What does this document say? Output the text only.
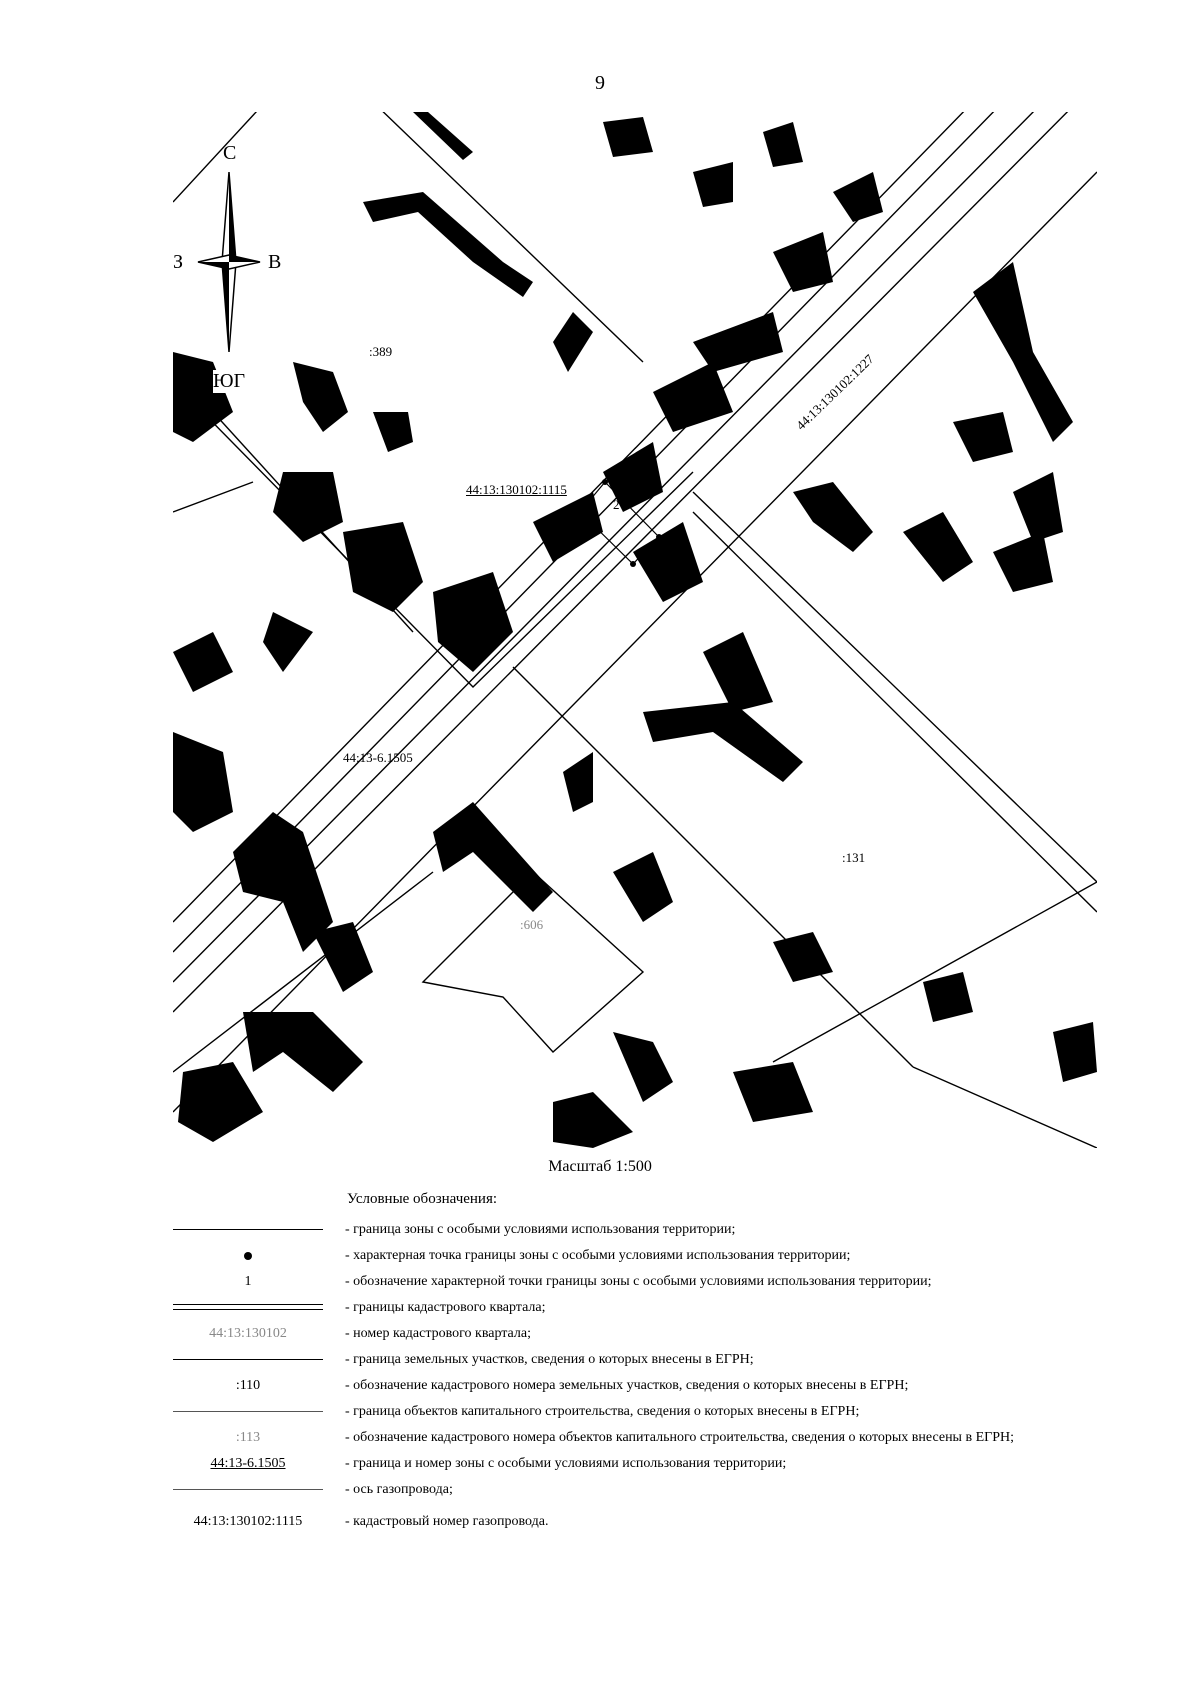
9
С
З	В
ЮГ
:389
44:13:130102:1115
44:13:130102:1227
44:13-6.1505
:131
:606
1
2
3
Масштаб 1:500
Условные обозначения:
- граница зоны с особыми условиями использования территории;
- характерная точка границы зоны с особыми условиями использования территории;
1	- обозначение характерной точки границы зоны с особыми условиями использования территории;
- границы кадастрового квартала;
44:13:130102	- номер кадастрового квартала;
- граница земельных участков, сведения о которых внесены в ЕГРН;
:110	- обозначение кадастрового номера земельных участков, сведения о которых внесены в ЕГРН;
- граница объектов капитального строительства, сведения о которых внесены в ЕГРН;
:113	- обозначение кадастрового номера объектов капитального строительства, сведения о которых внесены в ЕГРН;
44:13-6.1505	- граница и номер зоны с особыми условиями использования территории;
- ось газопровода;
44:13:130102:1115	- кадастровый номер газопровода.
